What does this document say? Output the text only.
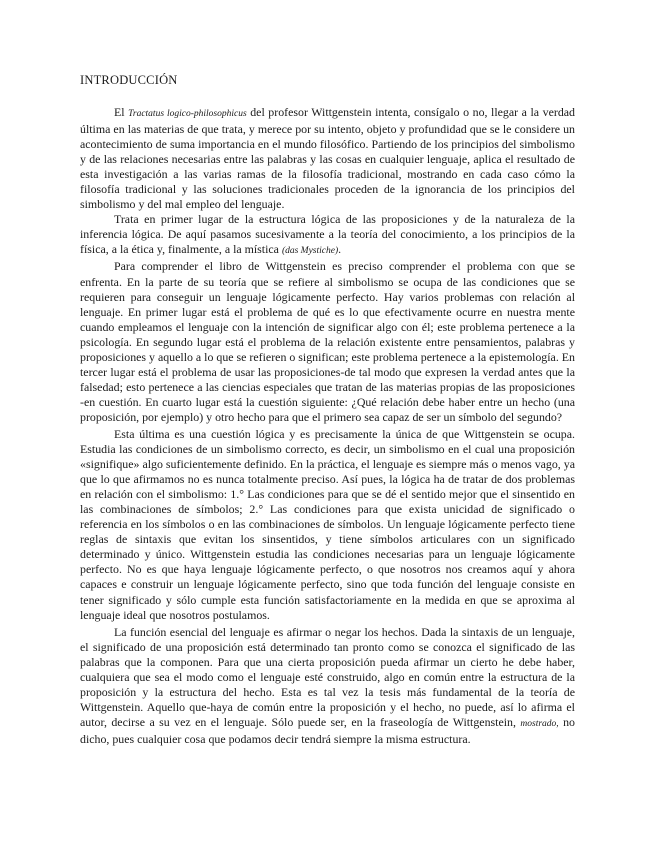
INTRODUCCIÓN

El Tractatus logico-philosophicus del profesor Wittgenstein intenta, consígalo o no, llegar a la verdad última en las materias de que trata, y merece por su intento, objeto y profundidad que se le considere un acontecimiento de suma importancia en el mundo filosófico. Partiendo de los principios del simbolismo y de las relaciones necesarias entre las palabras y las cosas en cualquier lenguaje, aplica el resultado de esta investigación a las varias ramas de la filosofía tradicional, mostrando en cada caso cómo la filosofía tradicional y las soluciones tradicionales proceden de la ignorancia de los principios del simbolismo y del mal empleo del lenguaje.

Trata en primer lugar de la estructura lógica de las proposiciones y de la naturaleza de la inferencia lógica. De aquí pasamos sucesivamente a la teoría del conocimiento, a los principios de la física, a la ética y, finalmente, a la mística (das Mystiche).

Para comprender el libro de Wittgenstein es preciso comprender el problema con que se enfrenta. En la parte de su teoría que se refiere al simbolismo se ocupa de las condiciones que se requieren para conseguir un lenguaje lógicamente perfecto. Hay varios problemas con relación al lenguaje. En primer lugar está el problema de qué es lo que efectivamente ocurre en nuestra mente cuando empleamos el lenguaje con la intención de significar algo con él; este problema pertenece a la psicología. En segundo lugar está el problema de la relación existente entre pensamientos, palabras y proposiciones y aquello a lo que se refieren o significan; este problema pertenece a la epistemología. En tercer lugar está el problema de usar las proposiciones-de tal modo que expresen la verdad antes que la falsedad; esto pertenece a las ciencias especiales que tratan de las materias propias de las proposiciones -en cuestión. En cuarto lugar está la cuestión siguiente: ¿Qué relación debe haber entre un hecho (una proposición, por ejemplo) y otro hecho para que el primero sea capaz de ser un símbolo del segundo?

Esta última es una cuestión lógica y es precisamente la única de que Wittgenstein se ocupa. Estudia las condiciones de un simbolismo correcto, es decir, un simbolismo en el cual una proposición «signifique» algo suficientemente definido. En la práctica, el lenguaje es siempre más o menos vago, ya que lo que afirmamos no es nunca totalmente preciso. Así pues, la lógica ha de tratar de dos problemas en relación con el simbolismo: 1.° Las condiciones para que se dé el sentido mejor que el sinsentido en las combinaciones de símbolos; 2.° Las condiciones para que exista unicidad de significado o referencia en los símbolos o en las combinaciones de símbolos. Un lenguaje lógicamente perfecto tiene reglas de sintaxis que evitan los sinsentidos, y tiene símbolos articulares con un significado determinado y único. Wittgenstein estudia las condiciones necesarias para un lenguaje lógicamente perfecto. No es que haya lenguaje lógicamente perfecto, o que nosotros nos creamos aquí y ahora capaces e construir un lenguaje lógicamente perfecto, sino que toda función del lenguaje consiste en tener significado y sólo cumple esta función satisfactoriamente en la medida en que se aproxima al lenguaje ideal que nosotros postulamos.

La función esencial del lenguaje es afirmar o negar los hechos. Dada la sintaxis de un lenguaje, el significado de una proposición está determinado tan pronto como se conozca el significado de las palabras que la componen. Para que una cierta proposición pueda afirmar un cierto he debe haber, cualquiera que sea el modo como el lenguaje esté construido, algo en común entre la estructura de la proposición y la estructura del hecho. Esta es tal vez la tesis más fundamental de la teoría de Wittgenstein. Aquello que-haya de común entre la proposición y el hecho, no puede, así lo afirma el autor, decirse a su vez en el lenguaje. Sólo puede ser, en la fraseología de Wittgenstein, mostrado, no dicho, pues cualquier cosa que podamos decir tendrá siempre la misma estructura.
